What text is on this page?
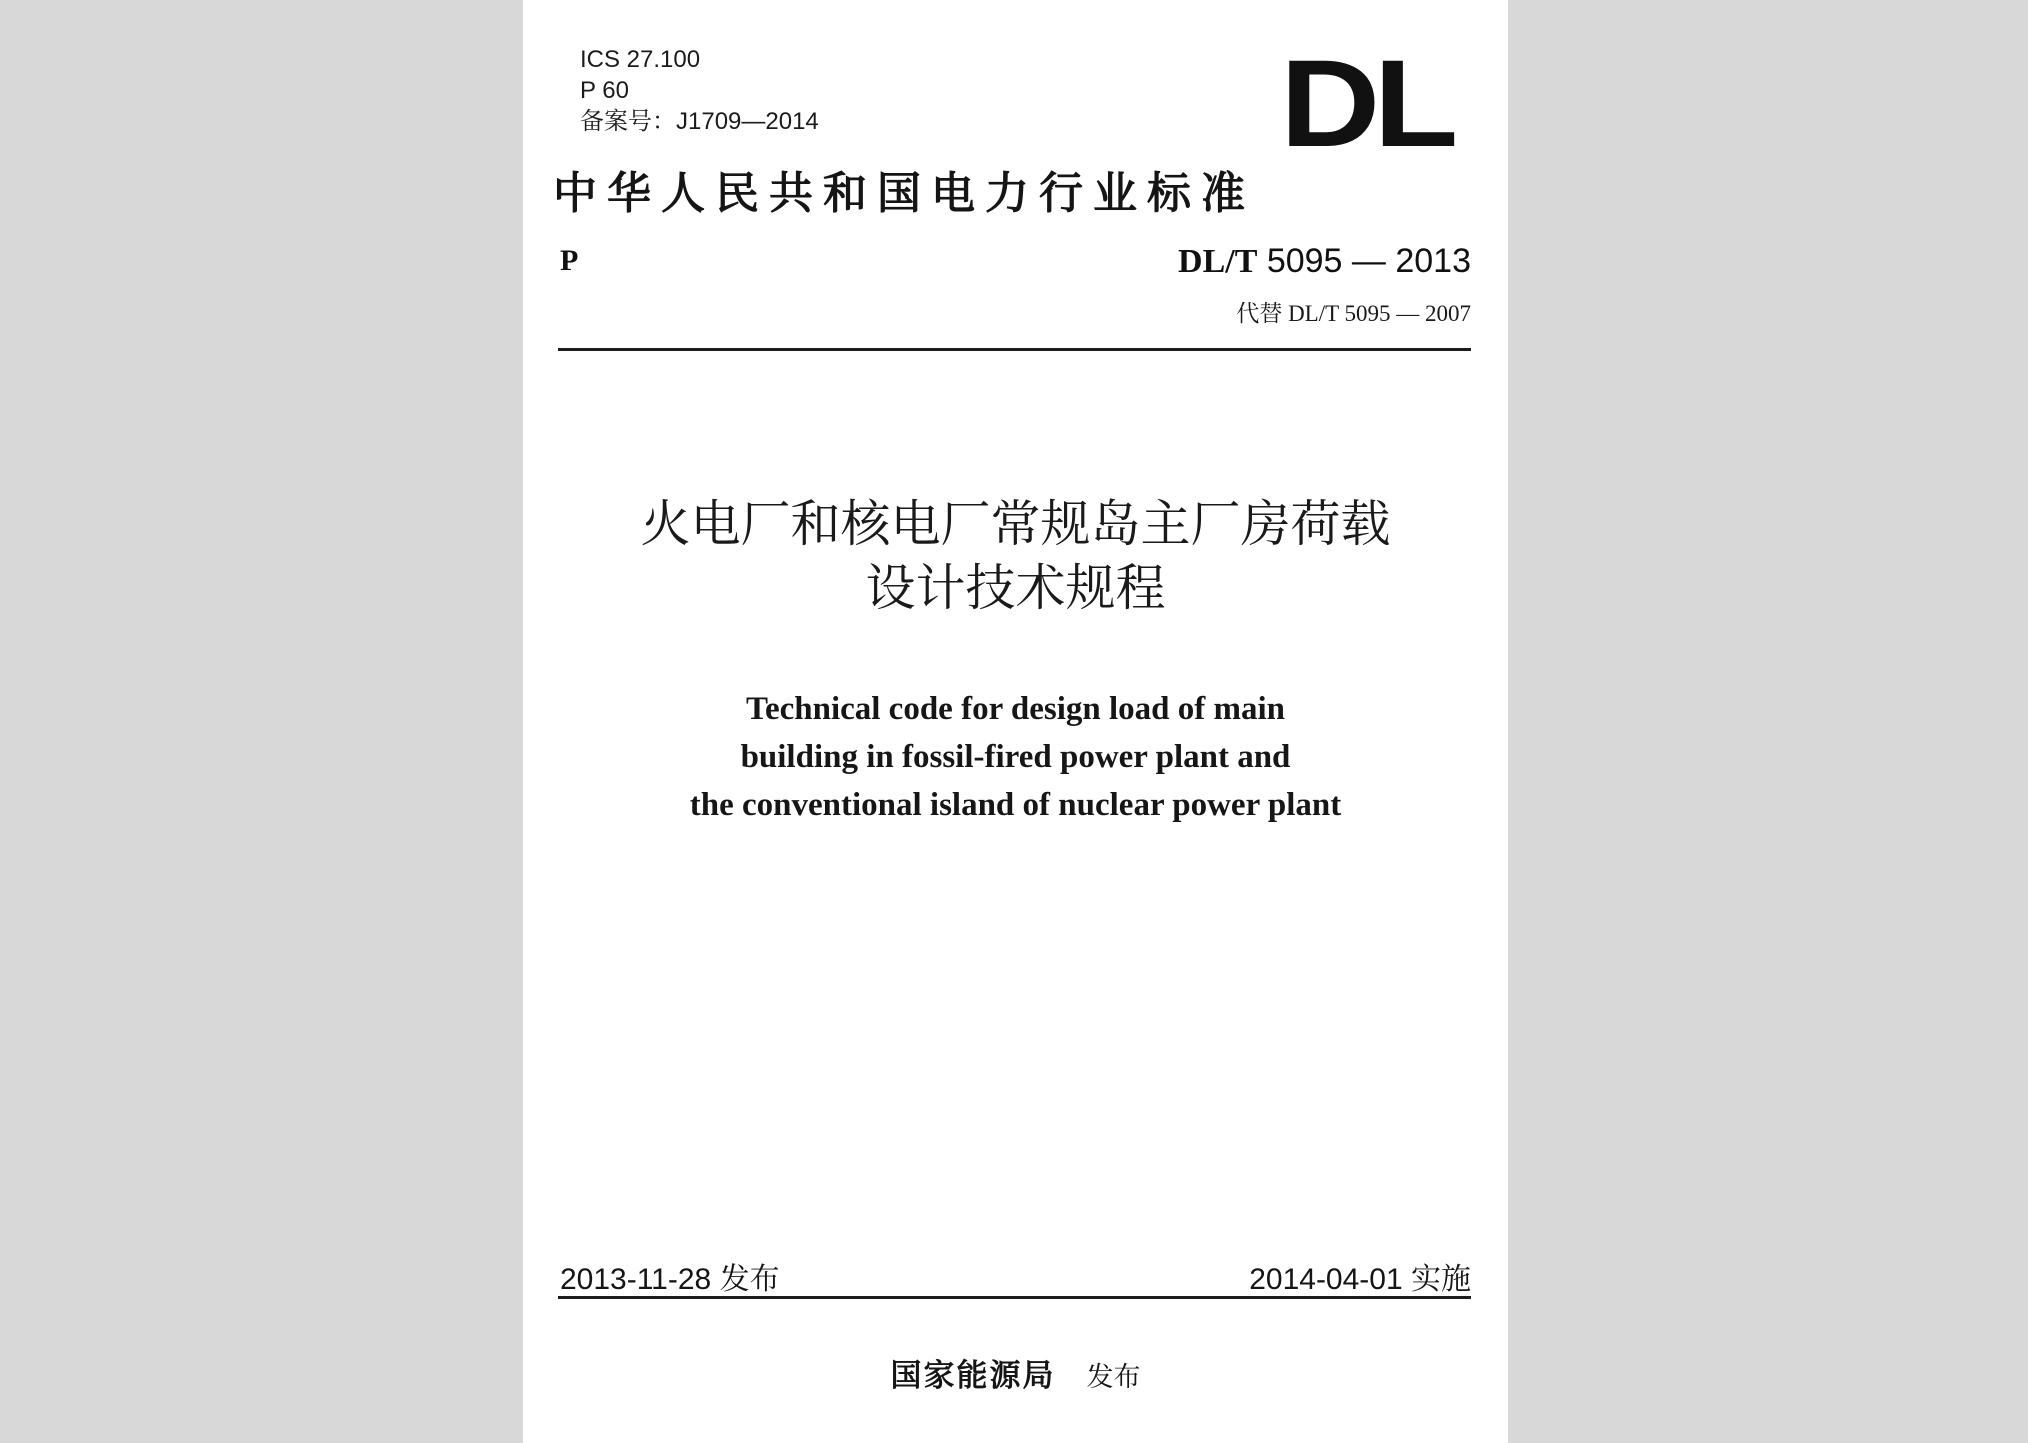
ICS 27.100
P 60
备案号：J1709—2014	DL
中华人民共和国电力行业标准
P	DL/T 5095 — 2013
代替 DL/T 5095 — 2007
火电厂和核电厂常规岛主厂房荷载
设计技术规程
Technical code for design load of main
building in fossil-fired power plant and
the conventional island of nuclear power plant
2013-11-28 发布	2014-04-01 实施
国家能源局 发布
